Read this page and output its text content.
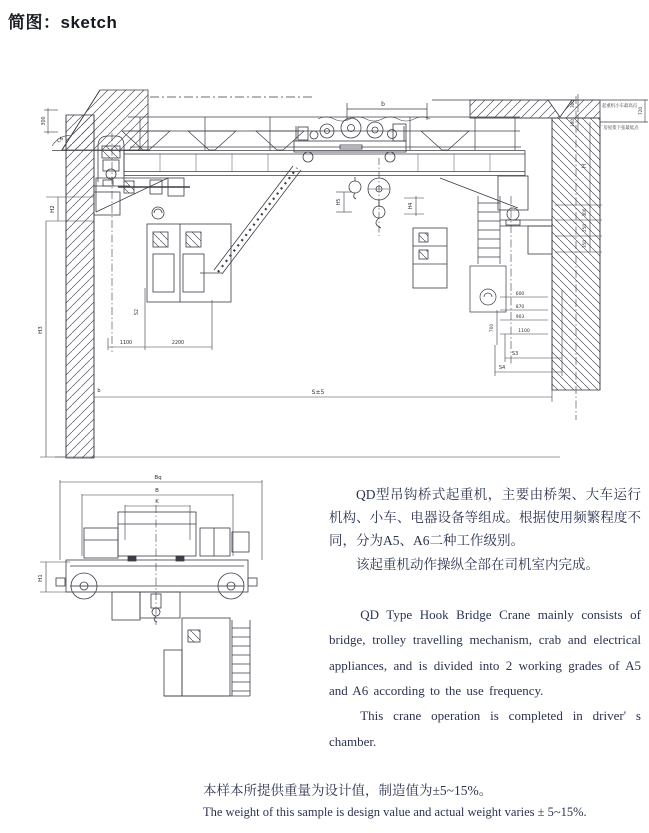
简图：sketch
b
H5
H4
300
C6
H2
H3
S2
1100	2200
b	S±5
600
870
903
1100
700
S3
S4
300
100
起重机小车最高点
厂房屋架下弦最低点
720
H
300
250
350
Bq
B
K
H1

QD型吊钩桥式起重机，主要由桥架、大车运行机构、小车、电器设备等组成。根据使用频繁程度不同，分为A5、A6二种工作级别。

该起重机动作操纵全部在司机室内完成。

QD Type Hook Bridge Crane mainly consists of bridge, trolley travelling mechanism, crab and electrical appliances, and is divided into 2 working grades of A5 and A6 according to the use frequency.

This crane operation is completed in driver' s chamber.

本样本所提供重量为设计值，制造值为±5~15%。

The weight of this sample is design value and actual weight varies ± 5~15%.
